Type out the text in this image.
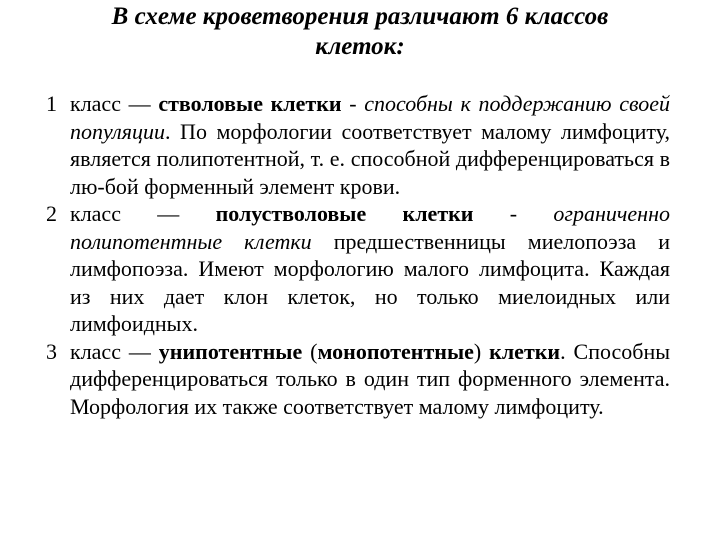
В схеме кроветворения различают 6 классов
клеток:
1 класс — стволовые клетки - способны к поддержанию своей популяции. По морфологии соответствует малому лимфоциту, является полипотентной, т. е. способной дифференцироваться в лю-бой форменный элемент крови.
2 класс — полустволовые клетки - ограниченно полипотентные клетки предшественницы миелопоэза и лимфопоэза. Имеют морфологию малого лимфоцита. Каждая из них дает клон клеток, но только миелоидных или лимфоидных.
3 класс — унипотентные (монопотентные) клетки. Способны дифференцироваться только в один тип форменного элемента. Морфология их также соответствует малому лимфоциту.
